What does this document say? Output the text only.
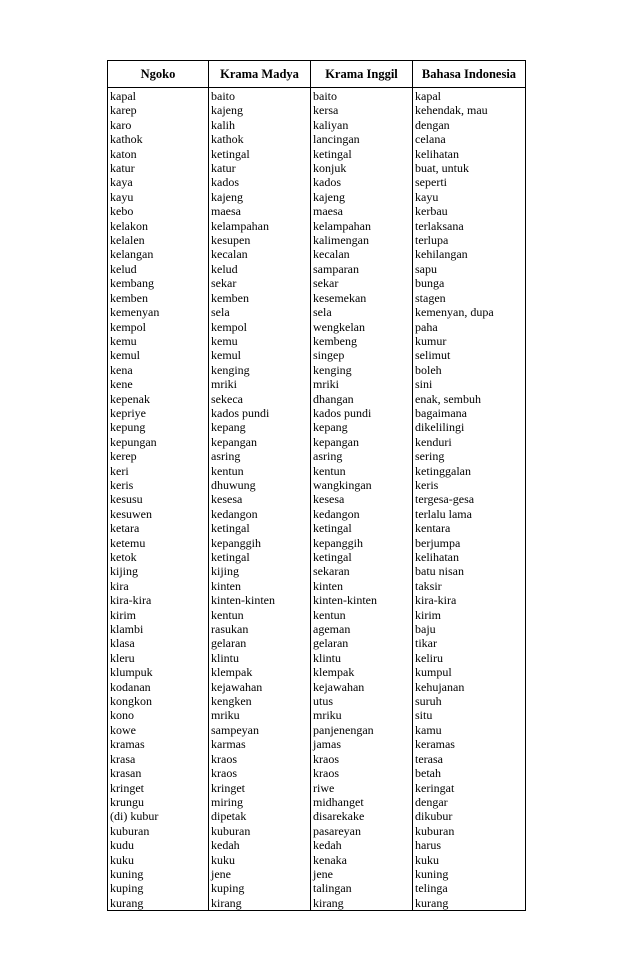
Ngoko	Krama Madya	Krama Inggil	Bahasa Indonesia
kapal	baito	baito	kapal
karep	kajeng	kersa	kehendak, mau
karo	kalih	kaliyan	dengan
kathok	kathok	lancingan	celana
katon	ketingal	ketingal	kelihatan
katur	katur	konjuk	buat, untuk
kaya	kados	kados	seperti
kayu	kajeng	kajeng	kayu
kebo	maesa	maesa	kerbau
kelakon	kelampahan	kelampahan	terlaksana
kelalen	kesupen	kalimengan	terlupa
kelangan	kecalan	kecalan	kehilangan
kelud	kelud	samparan	sapu
kembang	sekar	sekar	bunga
kemben	kemben	kesemekan	stagen
kemenyan	sela	sela	kemenyan, dupa
kempol	kempol	wengkelan	paha
kemu	kemu	kembeng	kumur
kemul	kemul	singep	selimut
kena	kenging	kenging	boleh
kene	mriki	mriki	sini
kepenak	sekeca	dhangan	enak, sembuh
kepriye	kados pundi	kados pundi	bagaimana
kepung	kepang	kepang	dikelilingi
kepungan	kepangan	kepangan	kenduri
kerep	asring	asring	sering
keri	kentun	kentun	ketinggalan
keris	dhuwung	wangkingan	keris
kesusu	kesesa	kesesa	tergesa-gesa
kesuwen	kedangon	kedangon	terlalu lama
ketara	ketingal	ketingal	kentara
ketemu	kepanggih	kepanggih	berjumpa
ketok	ketingal	ketingal	kelihatan
kijing	kijing	sekaran	batu nisan
kira	kinten	kinten	taksir
kira-kira	kinten-kinten	kinten-kinten	kira-kira
kirim	kentun	kentun	kirim
klambi	rasukan	ageman	baju
klasa	gelaran	gelaran	tikar
kleru	klintu	klintu	keliru
klumpuk	klempak	klempak	kumpul
kodanan	kejawahan	kejawahan	kehujanan
kongkon	kengken	utus	suruh
kono	mriku	mriku	situ
kowe	sampeyan	panjenengan	kamu
kramas	karmas	jamas	keramas
krasa	kraos	kraos	terasa
krasan	kraos	kraos	betah
kringet	kringet	riwe	keringat
krungu	miring	midhanget	dengar
(di) kubur	dipetak	disarekake	dikubur
kuburan	kuburan	pasareyan	kuburan
kudu	kedah	kedah	harus
kuku	kuku	kenaka	kuku
kuning	jene	jene	kuning
kuping	kuping	talingan	telinga
kurang	kirang	kirang	kurang
